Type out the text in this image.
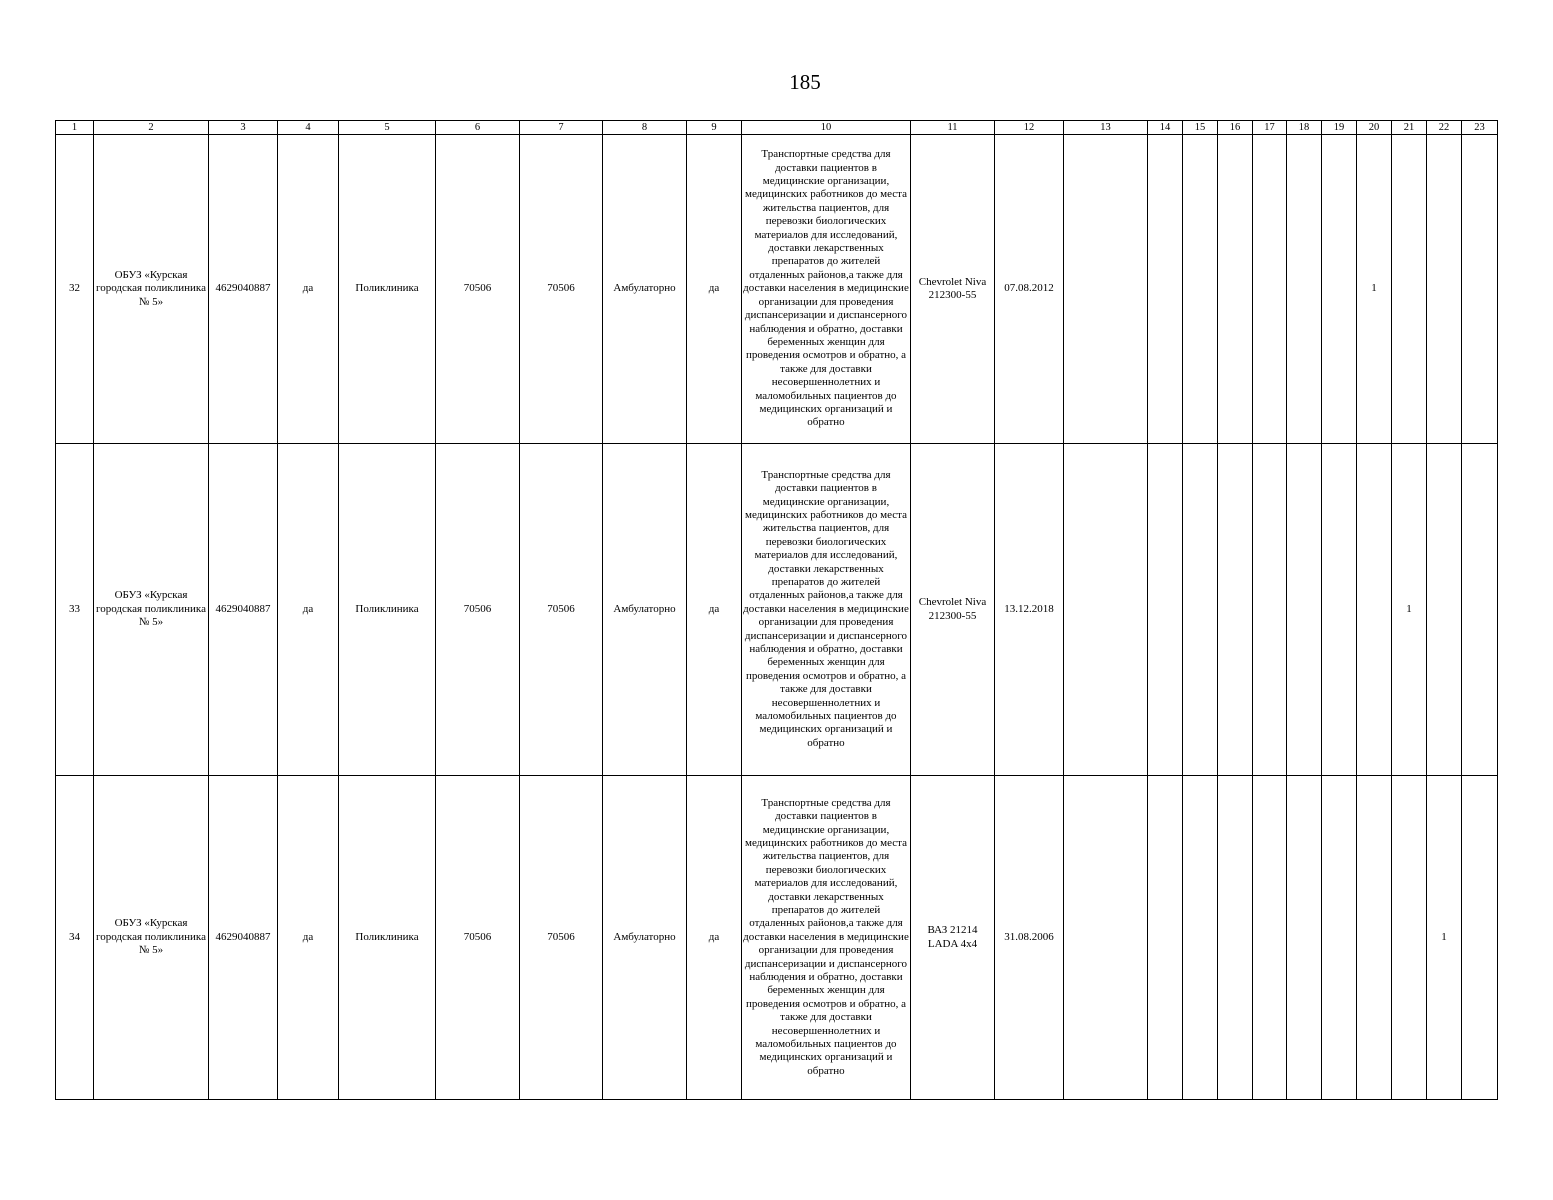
185
1	2	3	4	5	6	7	8	9	10	11	12	13	14	15	16	17	18	19	20	21	22	23
32	ОБУЗ «Курская городская поликлиника № 5»	4629040887	да	Поликлиника	70506	70506	Амбулаторно	да	Транспортные средства для доставки пациентов в медицинские организации, медицинских работников до места жительства пациентов, для перевозки биологических материалов для исследований, доставки лекарственных препаратов до жителей отдаленных районов,а также для доставки населения в медицинские организации для проведения диспансеризации и диспансерного наблюдения и обратно, доставки беременных женщин для проведения осмотров и обратно, а также для доставки несовершеннолетних и маломобильных пациентов до медицинских организаций и обратно	Chevrolet Niva 212300-55	07.08.2012								1			
33	ОБУЗ «Курская городская поликлиника № 5»	4629040887	да	Поликлиника	70506	70506	Амбулаторно	да	Транспортные средства для доставки пациентов в медицинские организации, медицинских работников до места жительства пациентов, для перевозки биологических материалов для исследований, доставки лекарственных препаратов до жителей отдаленных районов,а также для доставки населения в медицинские организации для проведения диспансеризации и диспансерного наблюдения и обратно, доставки беременных женщин для проведения осмотров и обратно, а также для доставки несовершеннолетних и маломобильных пациентов до медицинских организаций и обратно	Chevrolet Niva 212300-55	13.12.2018									1		
34	ОБУЗ «Курская городская поликлиника № 5»	4629040887	да	Поликлиника	70506	70506	Амбулаторно	да	Транспортные средства для доставки пациентов в медицинские организации, медицинских работников до места жительства пациентов, для перевозки биологических материалов для исследований, доставки лекарственных препаратов до жителей отдаленных районов,а также для доставки населения в медицинские организации для проведения диспансеризации и диспансерного наблюдения и обратно, доставки беременных женщин для проведения осмотров и обратно, а также для доставки несовершеннолетних и маломобильных пациентов до медицинских организаций и обратно	ВАЗ 21214 LADA 4x4	31.08.2006										1	
